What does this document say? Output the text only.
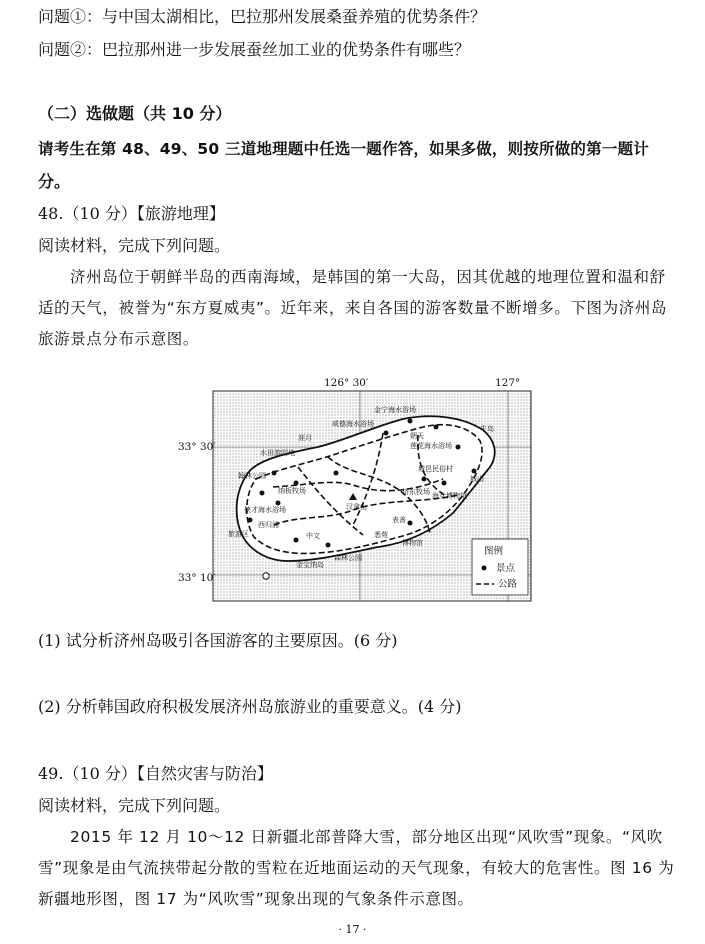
问题①：与中国太湖相比，巴拉那州发展桑蚕养殖的优势条件？
问题②：巴拉那州进一步发展蚕丝加工业的优势条件有哪些？
（二）选做题（共 10 分）
请考生在第 48、49、50 三道地理题中任选一题作答，如果多做，则按所做的第一题计
分。
48.（10 分）【旅游地理】
阅读材料，完成下列问题。
济州岛位于朝鲜半岛的西南海域，是韩国的第一大岛，因其优越的地理位置和温和舒适的天气，被誉为“东方夏威夷”。近年来，来自各国的游客数量不断增多。下图为济州岛旅游景点分布示意图。
126° 30′	127°
33° 30′
33° 10′
金宁海水浴场
咸德海水浴场
牛岛
涯月
水田游园地
朝天
莲花海水浴场
城邑民俗村
翰林公园
纳板牧场
汉拿山
济东牧场
城山
海女博物馆
挟才海水浴场
西归浦
表善
中文
旅游区
博物馆
森林公园
悉苑
金宝纳岛
图例
景点
公路
(1) 试分析济州岛吸引各国游客的主要原因。(6 分)
(2) 分析韩国政府积极发展济州岛旅游业的重要意义。(4 分)
49.（10 分）【自然灾害与防治】
阅读材料，完成下列问题。
2015 年 12 月 10～12 日新疆北部普降大雪，部分地区出现“风吹雪”现象。“风吹雪”现象是由气流挟带起分散的雪粒在近地面运动的天气现象，有较大的危害性。图 16 为新疆地形图，图 17 为“风吹雪”现象出现的气象条件示意图。
· 17 ·
